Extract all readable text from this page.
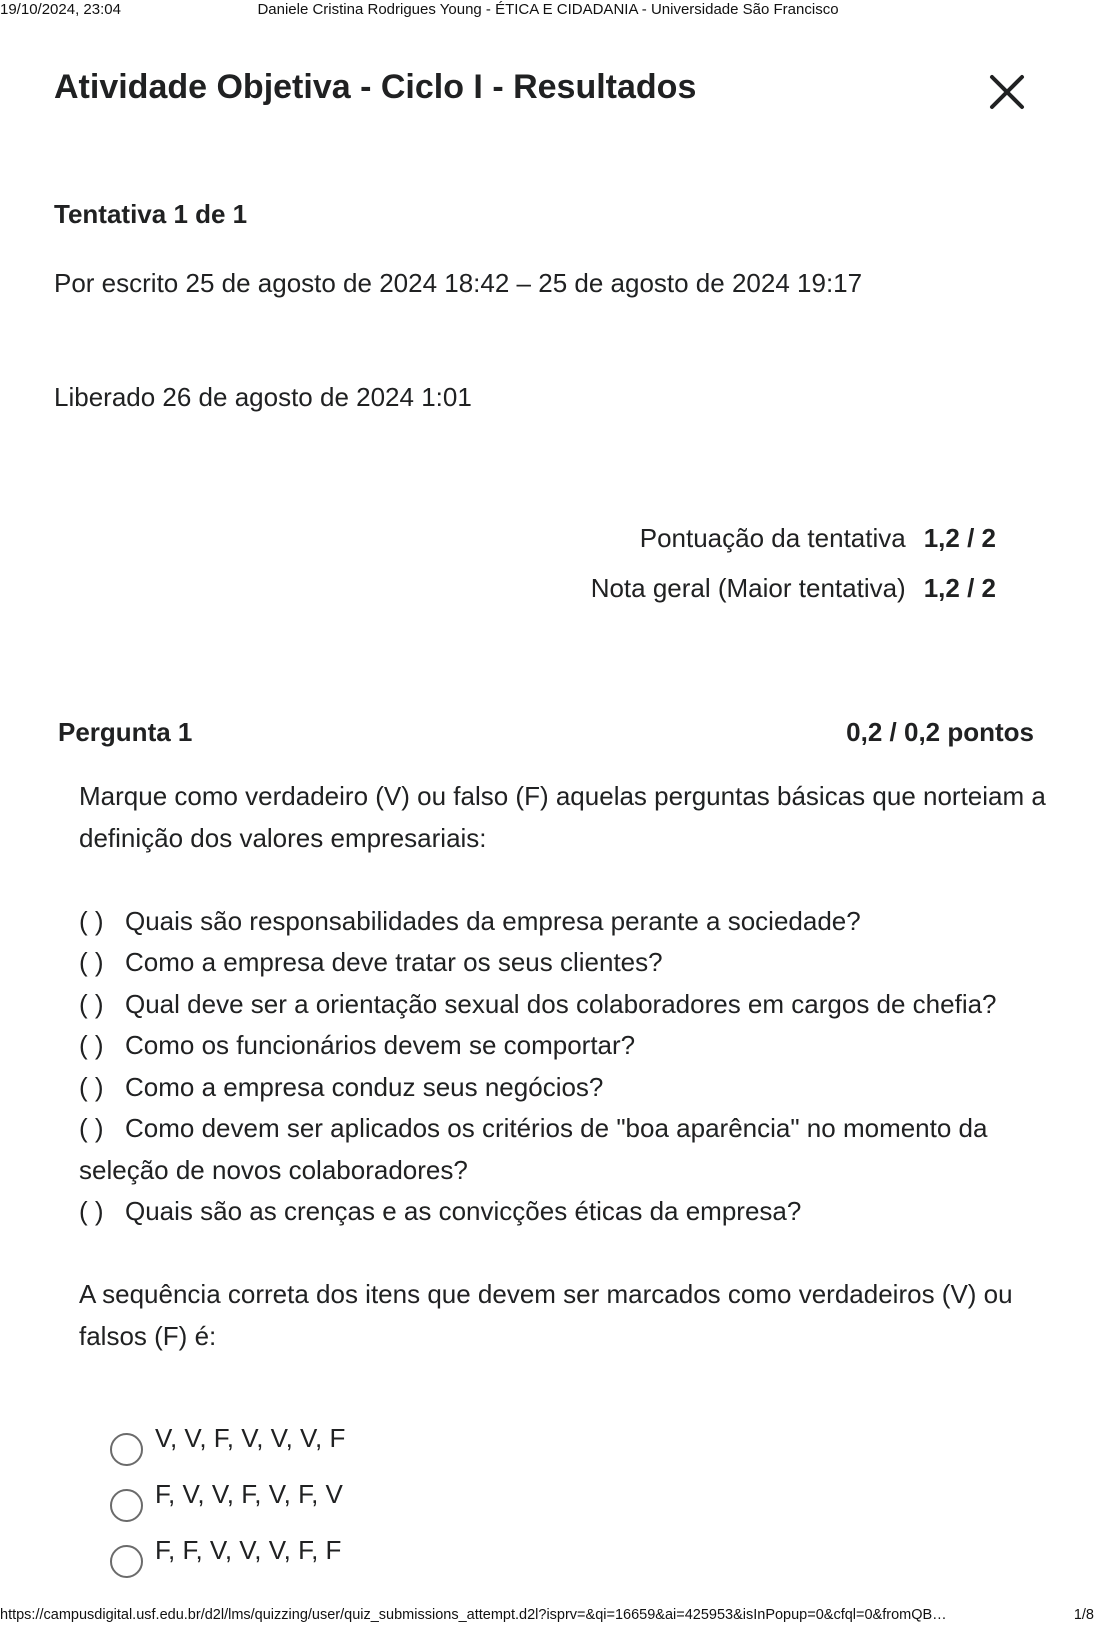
19/10/2024, 23:04	Daniele Cristina Rodrigues Young - ÉTICA E CIDADANIA - Universidade São Francisco
Atividade Objetiva - Ciclo I - Resultados
Tentativa 1 de 1
Por escrito 25 de agosto de 2024 18:42 – 25 de agosto de 2024 19:17
Liberado 26 de agosto de 2024 1:01
Pontuação da tentativa 1,2 / 2
Nota geral (Maior tentativa) 1,2 / 2
Pergunta 1	0,2 / 0,2 pontos

Marque como verdadeiro (V) ou falso (F) aquelas perguntas básicas que norteiam a definição dos valores empresariais:

( ) Quais são responsabilidades da empresa perante a sociedade?

( ) Como a empresa deve tratar os seus clientes?

( ) Qual deve ser a orientação sexual dos colaboradores em cargos de chefia?

( ) Como os funcionários devem se comportar?

( ) Como a empresa conduz seus negócios?

( ) Como devem ser aplicados os critérios de "boa aparência" no momento da seleção de novos colaboradores?

( ) Quais são as crenças e as convicções éticas da empresa?

A sequência correta dos itens que devem ser marcados como verdadeiros (V) ou falsos (F) é:

V, V, F, V, V, V, F
F, V, V, F, V, F, V
F, F, V, V, V, F, F
https://campusdigital.usf.edu.br/d2l/lms/quizzing/user/quiz_submissions_attempt.d2l?isprv=&qi=16659&ai=425953&isInPopup=0&cfql=0&fromQB…	1/8
